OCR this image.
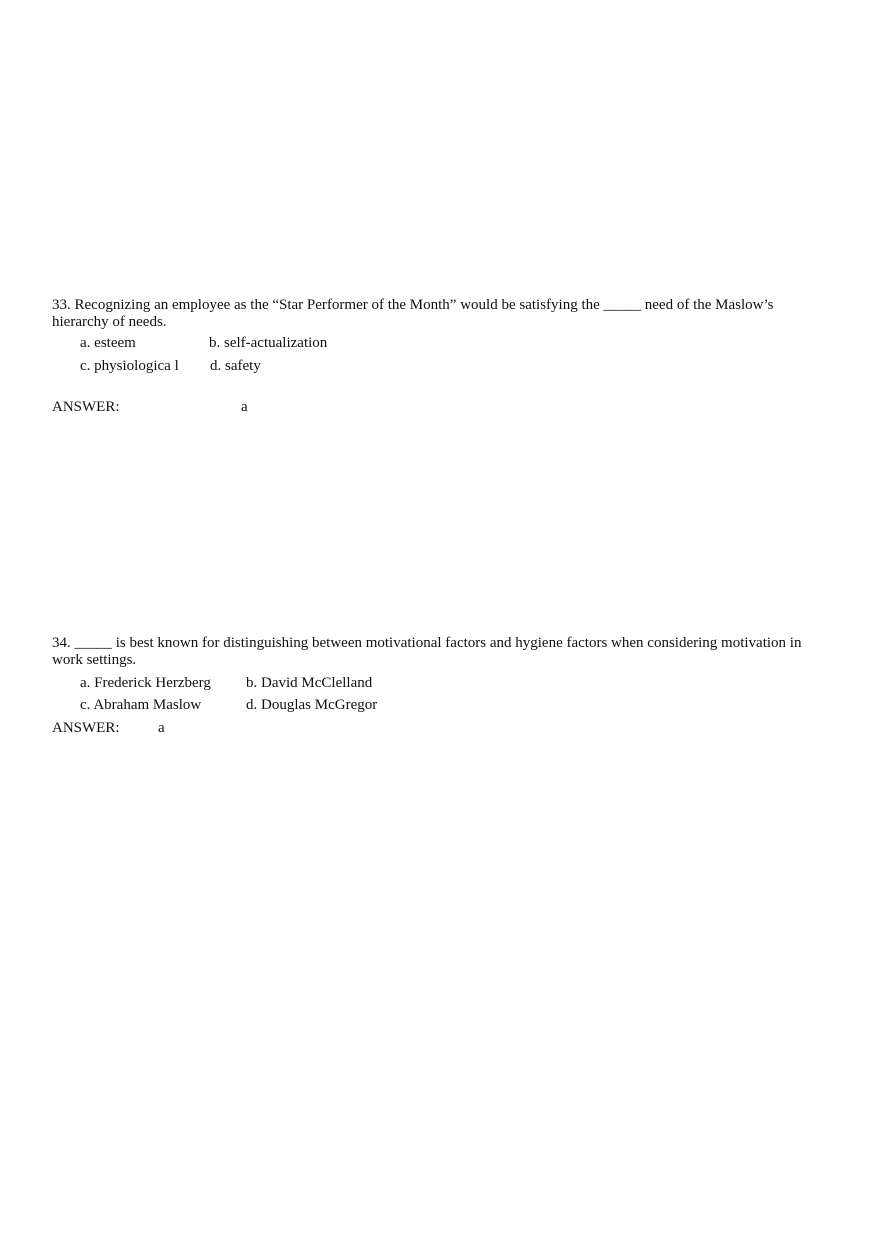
33. Recognizing an employee as the “Star Performer of the Month” would be satisfying the _____ need of the Maslow’s hierarchy of needs.

a. esteem	b. self-actualization
c. physiologica l	d. safety
ANSWER:	a

34. _____ is best known for distinguishing between motivational factors and hygiene factors when considering motivation in work settings.

a. Frederick Herzberg b. David McClelland
c. Abraham Maslow	d. Douglas McGregor
ANSWER:	a
